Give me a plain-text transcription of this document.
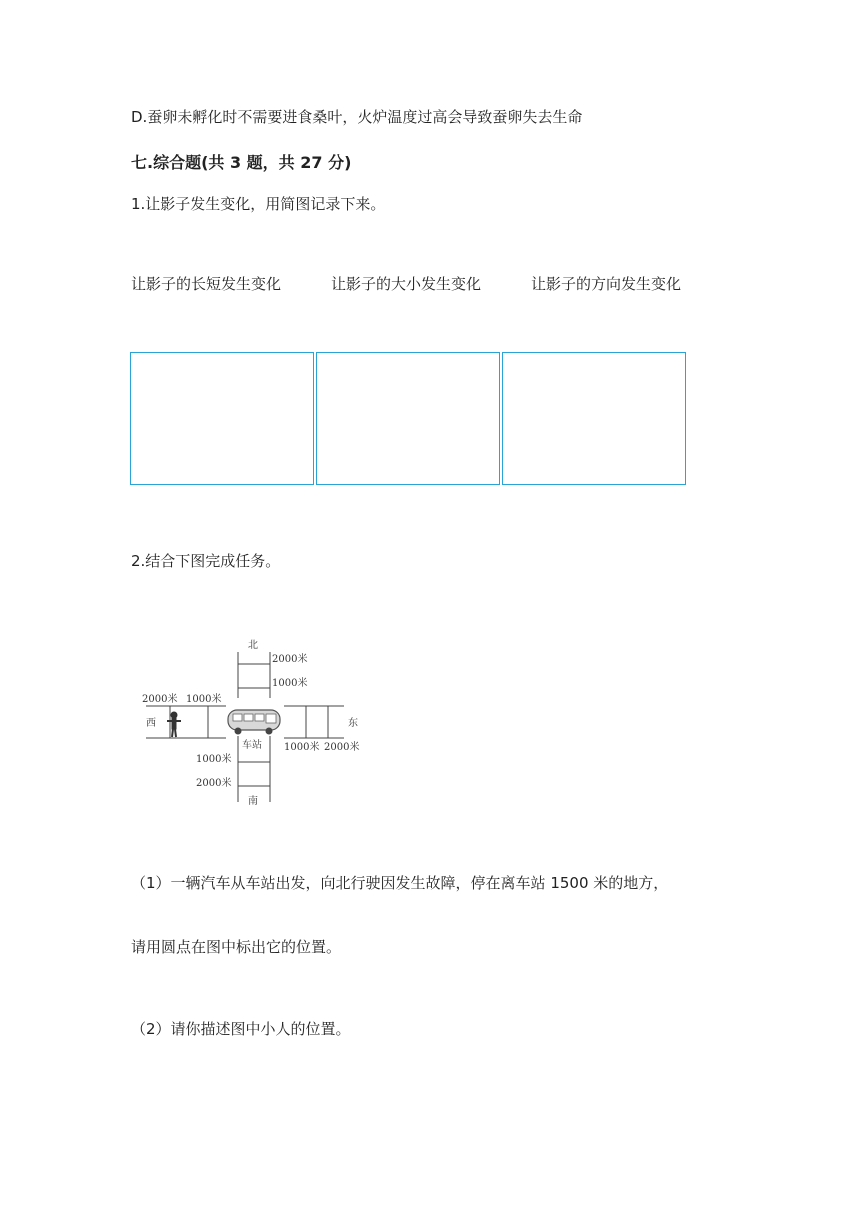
D.蚕卵未孵化时不需要进食桑叶，火炉温度过高会导致蚕卵失去生命
七.综合题(共 3 题，共 27 分)
1.让影子发生变化，用简图记录下来。
让影子的长短发生变化	让影子的大小发生变化	让影子的方向发生变化
2.结合下图完成任务。
北
2000米
1000米
2000米 1000米
西	东
1000米 2000米
车站
1000米
2000米
南
（1）一辆汽车从车站出发，向北行驶因发生故障，停在离车站 1500 米的地方，
请用圆点在图中标出它的位置。
（2）请你描述图中小人的位置。
